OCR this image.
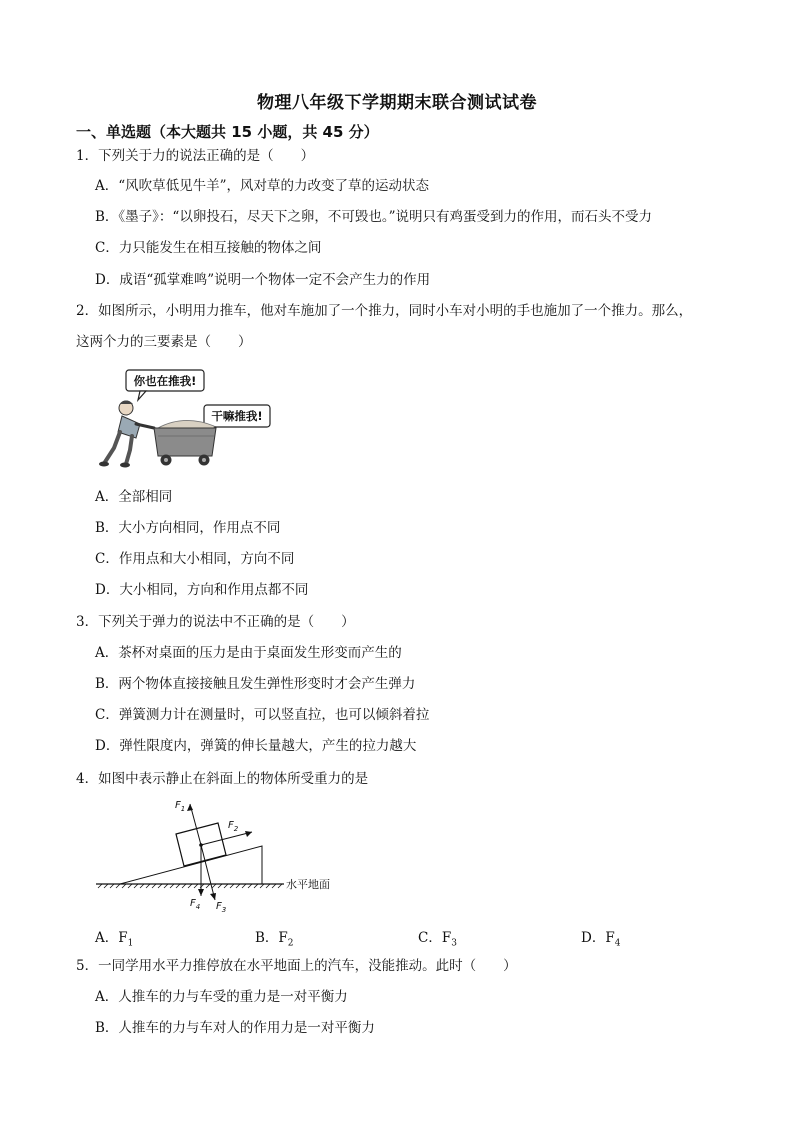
物理八年级下学期期末联合测试试卷
一、单选题（本大题共 15 小题，共 45 分）
1．下列关于力的说法正确的是（　　）
A．“风吹草低见牛羊”，风对草的力改变了草的运动状态
B．《墨子》：“以卵投石，尽天下之卵，不可毁也。”说明只有鸡蛋受到力的作用，而石头不受力
C．力只能发生在相互接触的物体之间
D．成语“孤掌难鸣”说明一个物体一定不会产生力的作用
2．如图所示，小明用力推车，他对车施加了一个推力，同时小车对小明的手也施加了一个推力。那么，
这两个力的三要素是（　　）
你也在推我!
干嘛推我!
A．全部相同
B．大小方向相同，作用点不同
C．作用点和大小相同，方向不同
D．大小相同，方向和作用点都不同
3．下列关于弹力的说法中不正确的是（　　）
A．茶杯对桌面的压力是由于桌面发生形变而产生的
B．两个物体直接接触且发生弹性形变时才会产生弹力
C．弹簧测力计在测量时，可以竖直拉，也可以倾斜着拉
D．弹性限度内，弹簧的伸长量越大，产生的拉力越大
4．如图中表示静止在斜面上的物体所受重力的是
水平地面
$F_1$
$F_2$
$F_4$ $F_3$
A．$F_1$	B．$F_2$	C．$F_3$	D．$F_4$
5．一同学用水平力推停放在水平地面上的汽车，没能推动。此时（　　）
A．人推车的力与车受的重力是一对平衡力
B．人推车的力与车对人的作用力是一对平衡力
